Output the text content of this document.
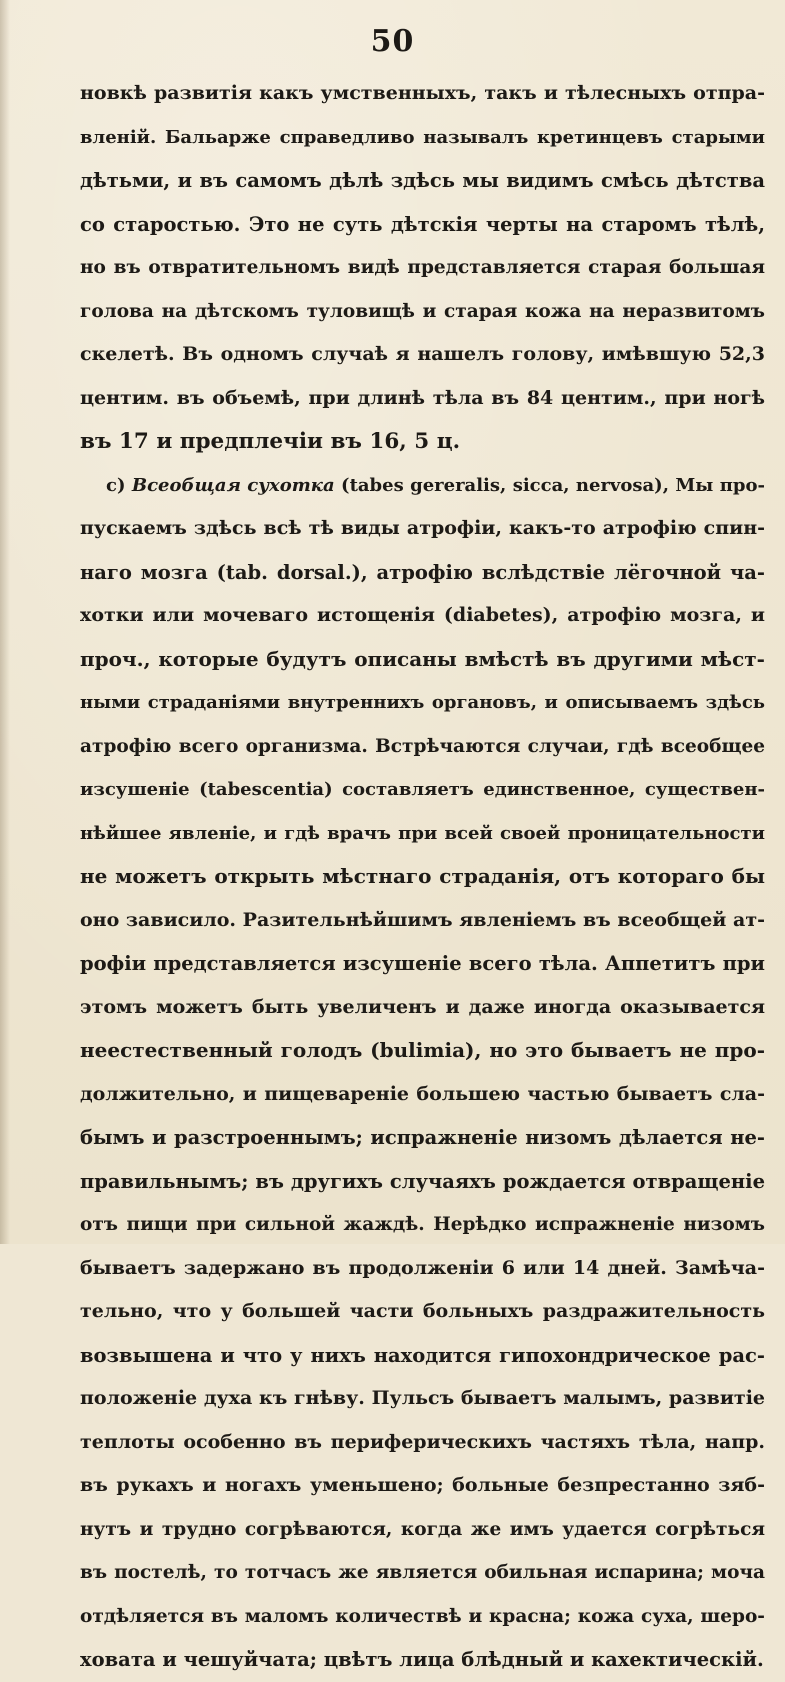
50
новкѣ развитія какъ умственныхъ, такъ и тѣлесныхъ отпра-
вленій. Бальарже справедливо называлъ кретинцевъ старыми
дѣтьми, и въ самомъ дѣлѣ здѣсь мы видимъ смѣсь дѣтства
со старостью. Это не суть дѣтскія черты на старомъ тѣлѣ,
но въ отвратительномъ видѣ представляется старая большая
голова на дѣтскомъ туловищѣ и старая кожа на неразвитомъ
скелетѣ. Въ одномъ случаѣ я нашелъ голову, имѣвшую 52,3
центим. въ объемѣ, при длинѣ тѣла въ 84 центим., при ногѣ
въ 17 и предплечіи въ 16, 5 ц.
c) Всеобщая сухотка (tabes gereralis, sicca, nervosa), Мы про-
пускаемъ здѣсь всѣ тѣ виды атрофіи, какъ-то атрофію спин-
наго мозга (tab. dorsal.), атрофію вслѣдствіе лёгочной ча-
хотки или мочеваго истощенія (diabetes), атрофію мозга, и
проч., которые будутъ описаны вмѣстѣ въ другими мѣст-
ными страданіями внутреннихъ органовъ, и описываемъ здѣсь
атрофію всего организма. Встрѣчаются случаи, гдѣ всеобщее
изсушеніе (tabescentia) составляетъ единственное, существен-
нѣйшее явленіе, и гдѣ врачъ при всей своей проницательности
не можетъ открыть мѣстнаго страданія, отъ котораго бы
оно зависило. Разительнѣйшимъ явленіемъ въ всеобщей ат-
рофіи представляется изсушеніе всего тѣла. Аппетитъ при
этомъ можетъ быть увеличенъ и даже иногда оказывается
неестественный голодъ (bulimia), но это бываетъ не про-
должительно, и пищевареніе большею частью бываетъ сла-
бымъ и разстроеннымъ; испражненіе низомъ дѣлается не-
правильнымъ; въ другихъ случаяхъ рождается отвращеніе
отъ пищи при сильной жаждѣ. Нерѣдко испражненіе низомъ
бываетъ задержано въ продолженіи 6 или 14 дней. Замѣча-
тельно, что у большей части больныхъ раздражительность
возвышена и что у нихъ находится гипохондрическое рас-
положеніе духа къ гнѣву. Пульсъ бываетъ малымъ, развитіе
теплоты особенно въ периферическихъ частяхъ тѣла, напр.
въ рукахъ и ногахъ уменьшено; больные безпрестанно зяб-
нутъ и трудно согрѣваются, когда же имъ удается согрѣться
въ постелѣ, то тотчасъ же является обильная испарина; моча
отдѣляется въ маломъ количествѣ и красна; кожа суха, шеро-
ховата и чешуйчата; цвѣтъ лица блѣдный и кахектическій.
